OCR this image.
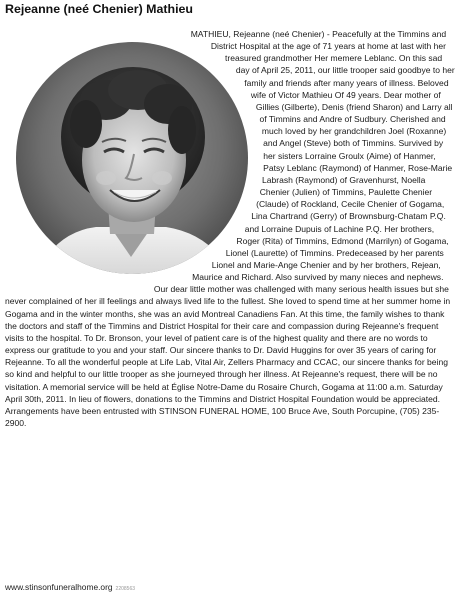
Rejeanne (neé Chenier) Mathieu

MATHIEU, Rejeanne (neé Chenier) - Peacefully at the Timmins and District Hospital at the age of 71 years at home at last with her treasured grandmother Her memere Leblanc. On this sad day of April 25, 2011, our little trooper said goodbye to her family and friends after many years of illness. Beloved wife of Victor Mathieu Of 49 years. Dear mother of Gillies (Gilberte), Denis (friend Sharon) and Larry all of Timmins and Andre of Sudbury. Cherished and much loved by her grandchildren Joel (Roxanne) and Angel (Steve) both of Timmins. Survived by her sisters Lorraine Groulx (Aime) of Hanmer, Patsy Leblanc (Raymond) of Hanmer, Rose-Marie Labrash (Raymond) of Gravenhurst, Noella Chenier (Julien) of Timmins, Paulette Chenier (Claude) of Rockland, Cecile Chenier of Gogama, Lina Chartrand (Gerry) of Brownsburg-Chatam P.Q. and Lorraine Dupuis of Lachine P.Q. Her brothers, Roger (Rita) of Timmins, Edmond (Marrilyn) of Gogama, Lionel (Laurette) of Timmins. Predeceased by her parents Lionel and Marie-Ange Chenier and by her brothers, Rejean, Maurice and Richard. Also survived by many nieces and nephews. Our dear little mother was challenged with many serious health issues but she never complained of her ill feelings and always lived life to the fullest. She loved to spend time at her summer home in Gogama and in the winter months, she was an avid Montreal Canadiens Fan. At this time, the family wishes to thank the doctors and staff of the Timmins and District Hospital for their care and compassion during Rejeanne's frequent visits to the hospital. To Dr. Bronson, your level of patient care is of the highest quality and there are no words to express our gratitude to you and your staff. Our sincere thanks to Dr. David Huggins for over 35 years of caring for Rejeanne. To all the wonderful people at Life Lab, Vital Air, Zellers Pharmacy and CCAC, our sincere thanks for being so kind and helpful to our little trooper as she journeyed through her illness. At Rejeanne's request, there will be no visitation. A memorial service will be held at Église Notre-Dame du Rosaire Church, Gogama at 11:00 a.m. Saturday April 30th, 2011. In lieu of flowers, donations to the Timmins and District Hospital Foundation would be appreciated. Arrangements have been entrusted with STINSON FUNERAL HOME, 100 Bruce Ave, South Porcupine, (705) 235-2900.

www.stinsonfuneralhome.org 2208563
